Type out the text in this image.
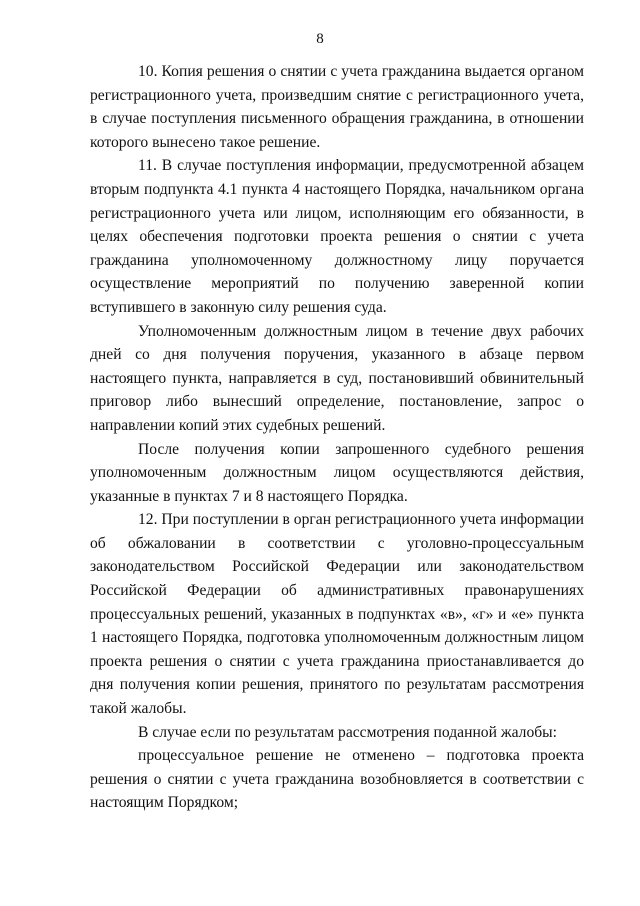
8

10. Копия решения о снятии с учета гражданина выдается органом регистрационного учета, произведшим снятие с регистрационного учета, в случае поступления письменного обращения гражданина, в отношении которого вынесено такое решение.

11. В случае поступления информации, предусмотренной абзацем вторым подпункта 4.1 пункта 4 настоящего Порядка, начальником органа регистрационного учета или лицом, исполняющим его обязанности, в целях обеспечения подготовки проекта решения о снятии с учета гражданина уполномоченному должностному лицу поручается осуществление мероприятий по получению заверенной копии вступившего в законную силу решения суда.

Уполномоченным должностным лицом в течение двух рабочих дней со дня получения поручения, указанного в абзаце первом настоящего пункта, направляется в суд, постановивший обвинительный приговор либо вынесший определение, постановление, запрос о направлении копий этих судебных решений.

После получения копии запрошенного судебного решения уполномоченным должностным лицом осуществляются действия, указанные в пунктах 7 и 8 настоящего Порядка.

12. При поступлении в орган регистрационного учета информации об обжаловании в соответствии с уголовно-процессуальным законодательством Российской Федерации или законодательством Российской Федерации об административных правонарушениях процессуальных решений, указанных в подпунктах «в», «г» и «е» пункта 1 настоящего Порядка, подготовка уполномоченным должностным лицом проекта решения о снятии с учета гражданина приостанавливается до дня получения копии решения, принятого по результатам рассмотрения такой жалобы.

В случае если по результатам рассмотрения поданной жалобы:

процессуальное решение не отменено – подготовка проекта решения о снятии с учета гражданина возобновляется в соответствии с настоящим Порядком;
